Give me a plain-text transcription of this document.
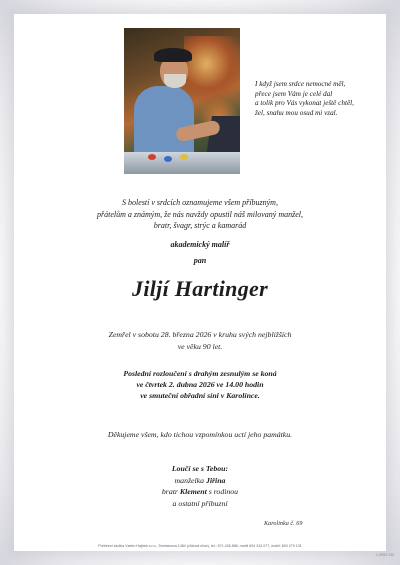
I když jsem srdce nemocné měl,
přece jsem Vám je celé dal
a tolik pro Vás vykonat ještě chtěl,
žel, snahu mou osud mi vzal.
S bolestí v srdcích oznamujeme všem příbuzným,
přátelům a známým, že nás navždy opustil náš milovaný manžel,
bratr, švagr, strýc a kamarád
akademický malíř
pan
Jiljí Hartinger
Zemřel v sobotu 28. března 2026 v kruhu svých nejbližších
ve věku 90 let.
Poslední rozloučení s drahým zesnulým se koná
ve čtvrtek 2. dubna 2026 ve 14.00 hodin
ve smuteční obřadní síni v Karolínce.
Děkujeme všem, kdo tichou vzpomínkou uctí jeho památku.
Loučí se s Tebou:
manželka Jiřina
bratr Klement s rodinou
a ostatní příbuzní
Karolinka č. 69
Pohřební služba Vsetín Hajtrek s.r.o., Smetanova 1484 (vůčová ulice), tel.: 571 426 888, mobil 604 243 077, mobil: 603 279 131
1 ORIG 130
